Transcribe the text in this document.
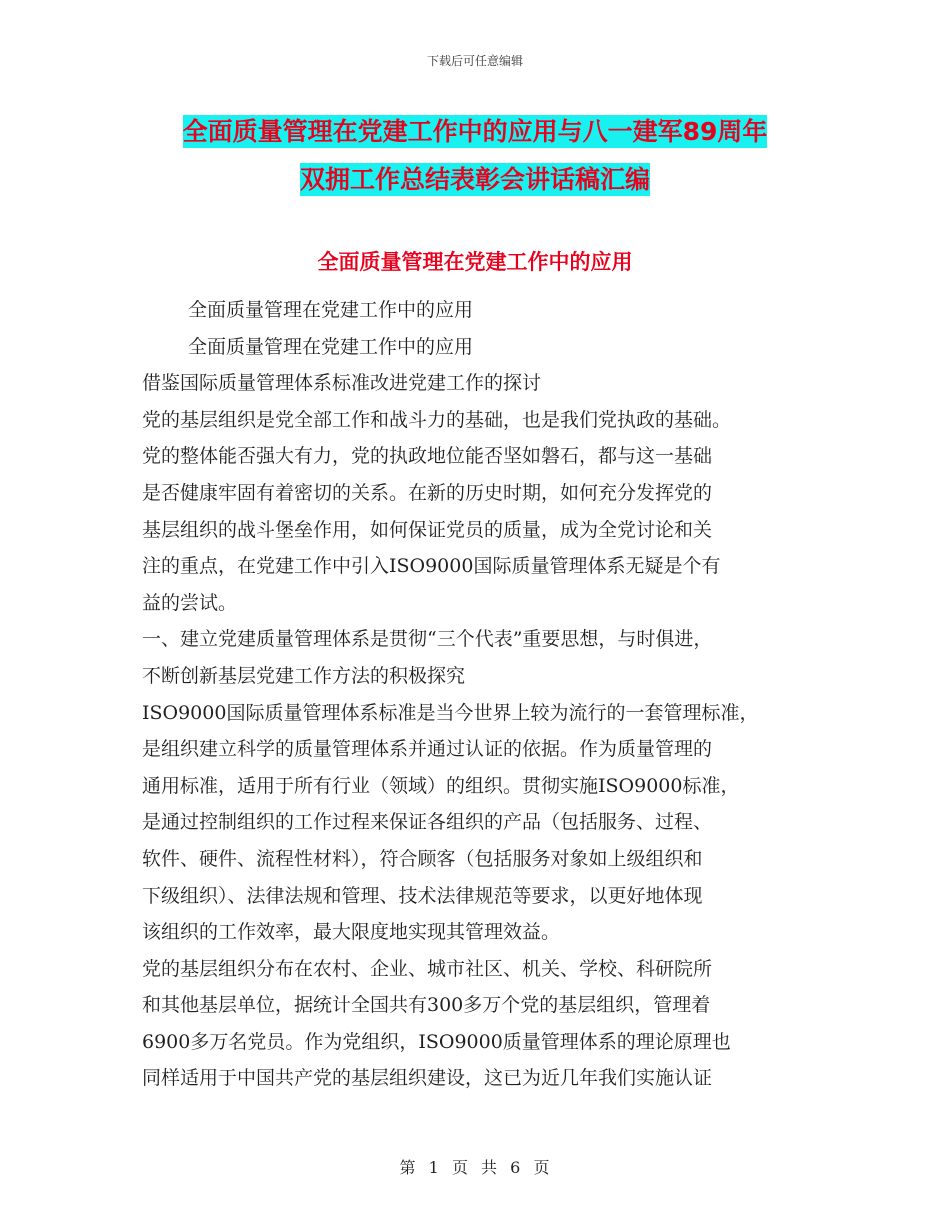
下载后可任意编辑
全面质量管理在党建工作中的应用与八一建军89周年
双拥工作总结表彰会讲话稿汇编
全面质量管理在党建工作中的应用
全面质量管理在党建工作中的应用
全面质量管理在党建工作中的应用
借鉴国际质量管理体系标准改进党建工作的探讨
党的基层组织是党全部工作和战斗力的基础，也是我们党执政的基础。
党的整体能否强大有力，党的执政地位能否坚如磐石，都与这一基础
是否健康牢固有着密切的关系。在新的历史时期，如何充分发挥党的
基层组织的战斗堡垒作用，如何保证党员的质量，成为全党讨论和关
注的重点，在党建工作中引入ISO9000国际质量管理体系无疑是个有
益的尝试。
一、建立党建质量管理体系是贯彻“三个代表”重要思想，与时俱进，
不断创新基层党建工作方法的积极探究
ISO9000国际质量管理体系标准是当今世界上较为流行的一套管理标准，
是组织建立科学的质量管理体系并通过认证的依据。作为质量管理的
通用标准，适用于所有行业（领域）的组织。贯彻实施ISO9000标准，
是通过控制组织的工作过程来保证各组织的产品（包括服务、过程、
软件、硬件、流程性材料），符合顾客（包括服务对象如上级组织和
下级组织）、法律法规和管理、技术法律规范等要求，以更好地体现
该组织的工作效率，最大限度地实现其管理效益。
党的基层组织分布在农村、企业、城市社区、机关、学校、科研院所
和其他基层单位，据统计全国共有300多万个党的基层组织，管理着
6900多万名党员。作为党组织，ISO9000质量管理体系的理论原理也
同样适用于中国共产党的基层组织建设，这已为近几年我们实施认证
第 1 页 共 6 页
